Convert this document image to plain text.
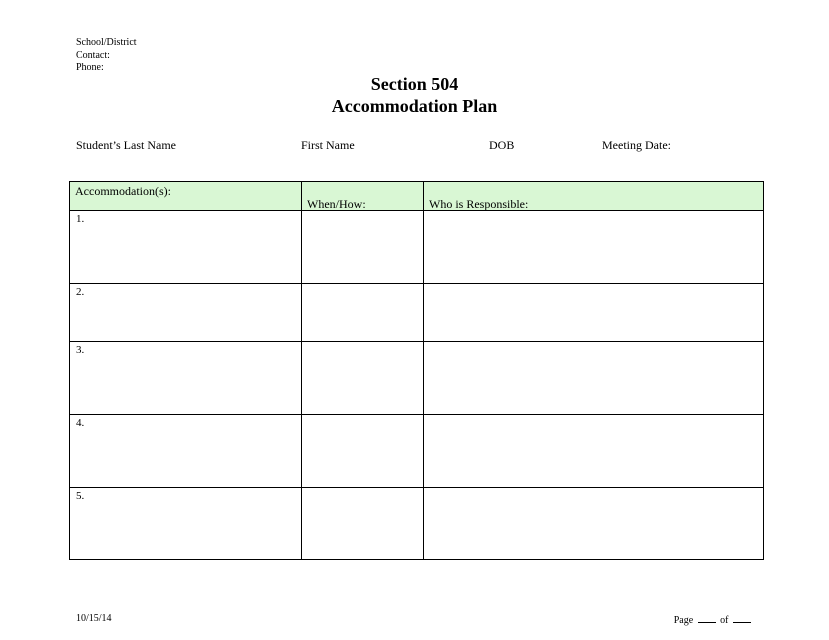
School/District
Contact:
Phone:
Section 504
Accommodation Plan
Student’s Last Name	First Name	DOB	Meeting Date:
Accommodation(s):	When/How:	Who is Responsible:

1.		

2.		

3.		

4.		

5.		

10/15/14	Page	of
